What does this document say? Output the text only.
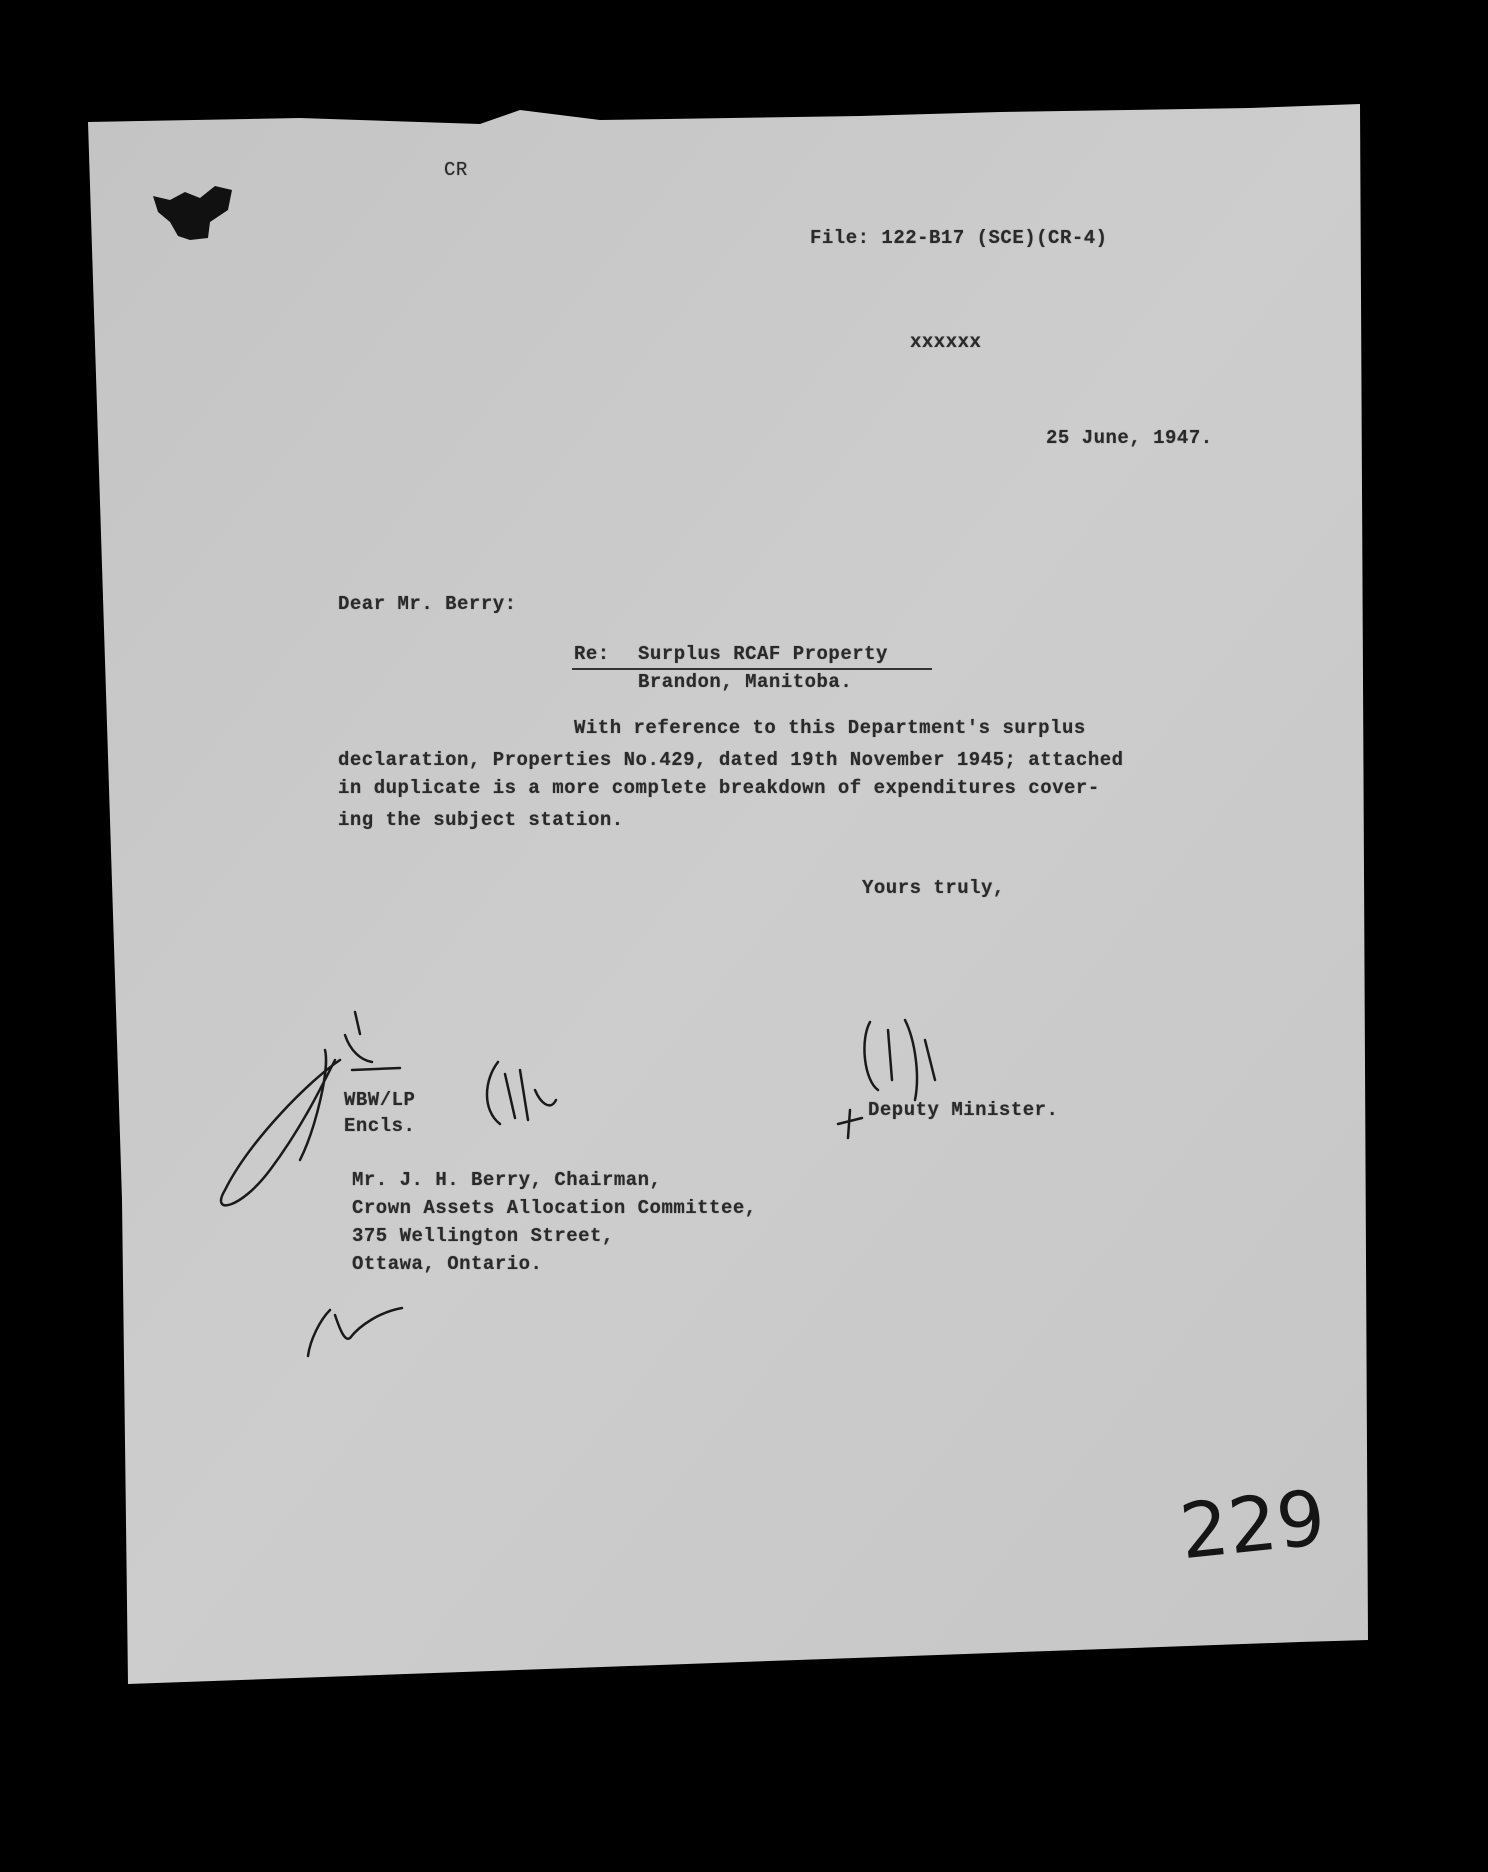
CR
File: 122-B17 (SCE)(CR-4)
xxxxxx
25 June, 1947.
Dear Mr. Berry:
Re: Surplus RCAF Property
Brandon, Manitoba.
With reference to this Department's surplus
declaration, Properties No.429, dated 19th November 1945; attached
in duplicate is a more complete breakdown of expenditures cover-
ing the subject station.
Yours truly,
WBW/LP
Encls.
Deputy Minister.
Mr. J. H. Berry, Chairman,
Crown Assets Allocation Committee,
375 Wellington Street,
Ottawa, Ontario.
229
